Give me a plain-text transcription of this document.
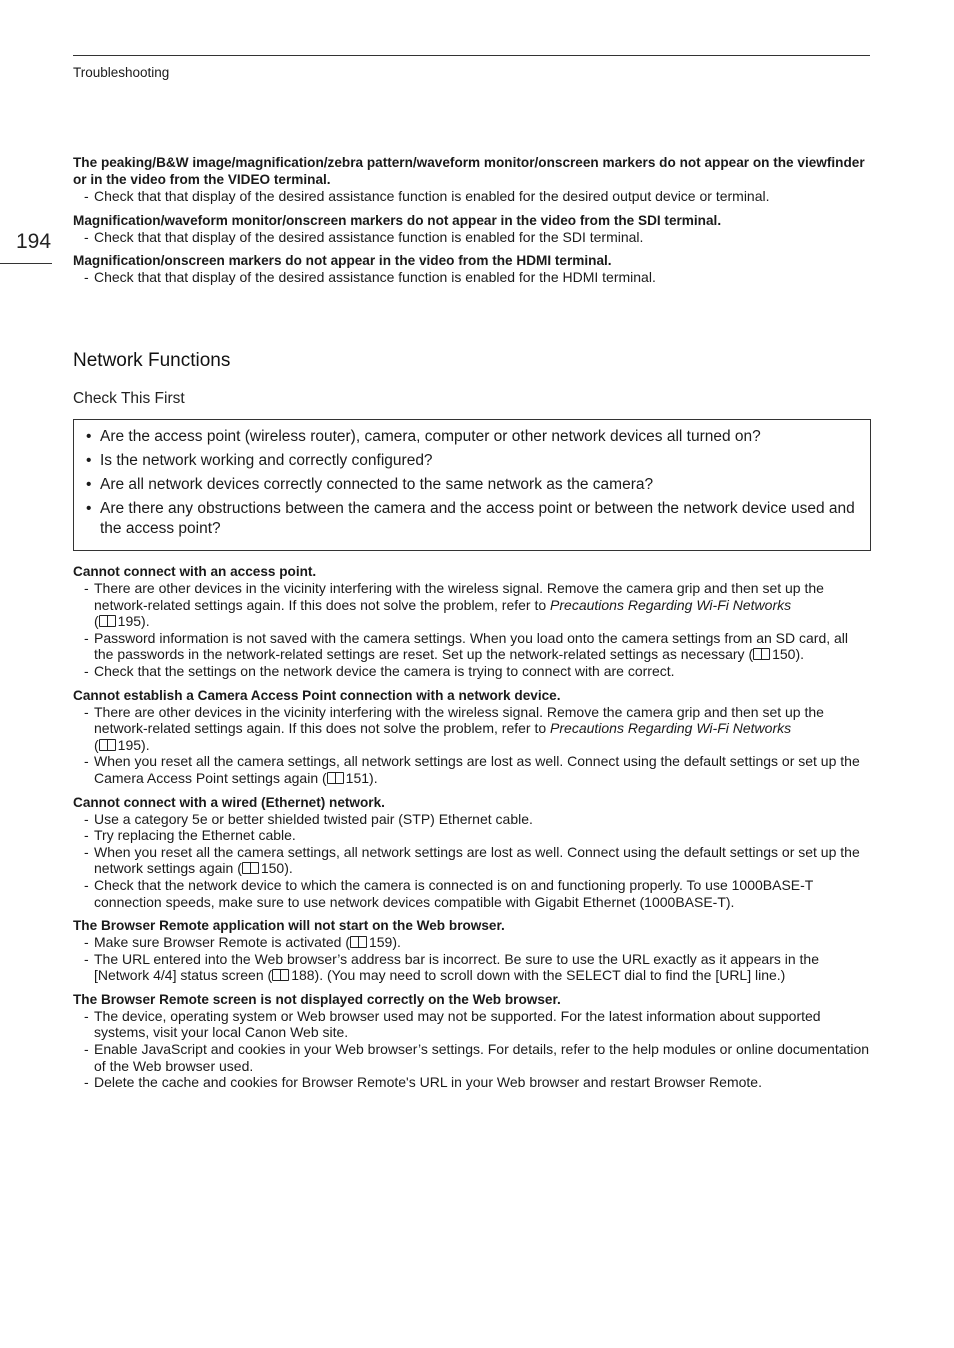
Troubleshooting
194

The peaking/B&W image/magnification/zebra pattern/waveform monitor/onscreen markers do not appear on the viewfinder or in the video from the VIDEO terminal.

- Check that that display of the desired assistance function is enabled for the desired output device or terminal.

Magnification/waveform monitor/onscreen markers do not appear in the video from the SDI terminal.

- Check that that display of the desired assistance function is enabled for the SDI terminal.

Magnification/onscreen markers do not appear in the video from the HDMI terminal.

- Check that that display of the desired assistance function is enabled for the HDMI terminal.

Network Functions
Check This First
• Are the access point (wireless router), camera, computer or other network devices all turned on?
• Is the network working and correctly configured?
• Are all network devices correctly connected to the same network as the camera?
• Are there any obstructions between the camera and the access point or between the network device used and the access point?

Cannot connect with an access point.

- There are other devices in the vicinity interfering with the wireless signal. Remove the camera grip and then set up the network-related settings again. If this does not solve the problem, refer to Precautions Regarding Wi-Fi Networks
( 195).

- Password information is not saved with the camera settings. When you load onto the camera settings from an SD card, all the passwords in the network-related settings are reset. Set up the network-related settings as necessary ( 150).

- Check that the settings on the network device the camera is trying to connect with are correct.

Cannot establish a Camera Access Point connection with a network device.

- There are other devices in the vicinity interfering with the wireless signal. Remove the camera grip and then set up the network-related settings again. If this does not solve the problem, refer to Precautions Regarding Wi-Fi Networks
( 195).

- When you reset all the camera settings, all network settings are lost as well. Connect using the default settings or set up the Camera Access Point settings again ( 151).

Cannot connect with a wired (Ethernet) network.

- Use a category 5e or better shielded twisted pair (STP) Ethernet cable.

- Try replacing the Ethernet cable.

- When you reset all the camera settings, all network settings are lost as well. Connect using the default settings or set up the network settings again ( 150).

- Check that the network device to which the camera is connected is on and functioning properly. To use 1000BASE-T connection speeds, make sure to use network devices compatible with Gigabit Ethernet (1000BASE-T).

The Browser Remote application will not start on the Web browser.

- Make sure Browser Remote is activated ( 159).

- The URL entered into the Web browser’s address bar is incorrect. Be sure to use the URL exactly as it appears in the [Network 4/4] status screen ( 188). (You may need to scroll down with the SELECT dial to find the [URL] line.)

The Browser Remote screen is not displayed correctly on the Web browser.

- The device, operating system or Web browser used may not be supported. For the latest information about supported systems, visit your local Canon Web site.

- Enable JavaScript and cookies in your Web browser’s settings. For details, refer to the help modules or online documentation of the Web browser used.

- Delete the cache and cookies for Browser Remote's URL in your Web browser and restart Browser Remote.
